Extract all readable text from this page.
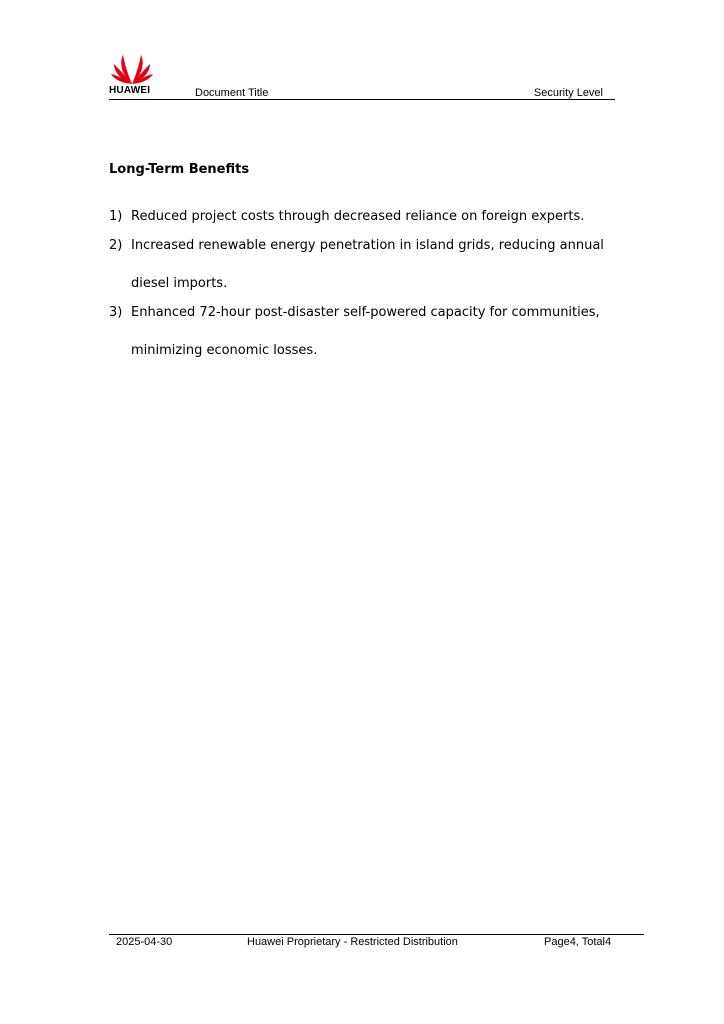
HUAWEI	Document Title	Security Level
Long-Term Benefits
1) Reduced project costs through decreased reliance on foreign experts.
2) Increased renewable energy penetration in island grids, reducing annual diesel imports.
3) Enhanced 72-hour post-disaster self-powered capacity for communities, minimizing economic losses.
2025-04-30	Huawei Proprietary - Restricted Distribution	Page4, Total4
